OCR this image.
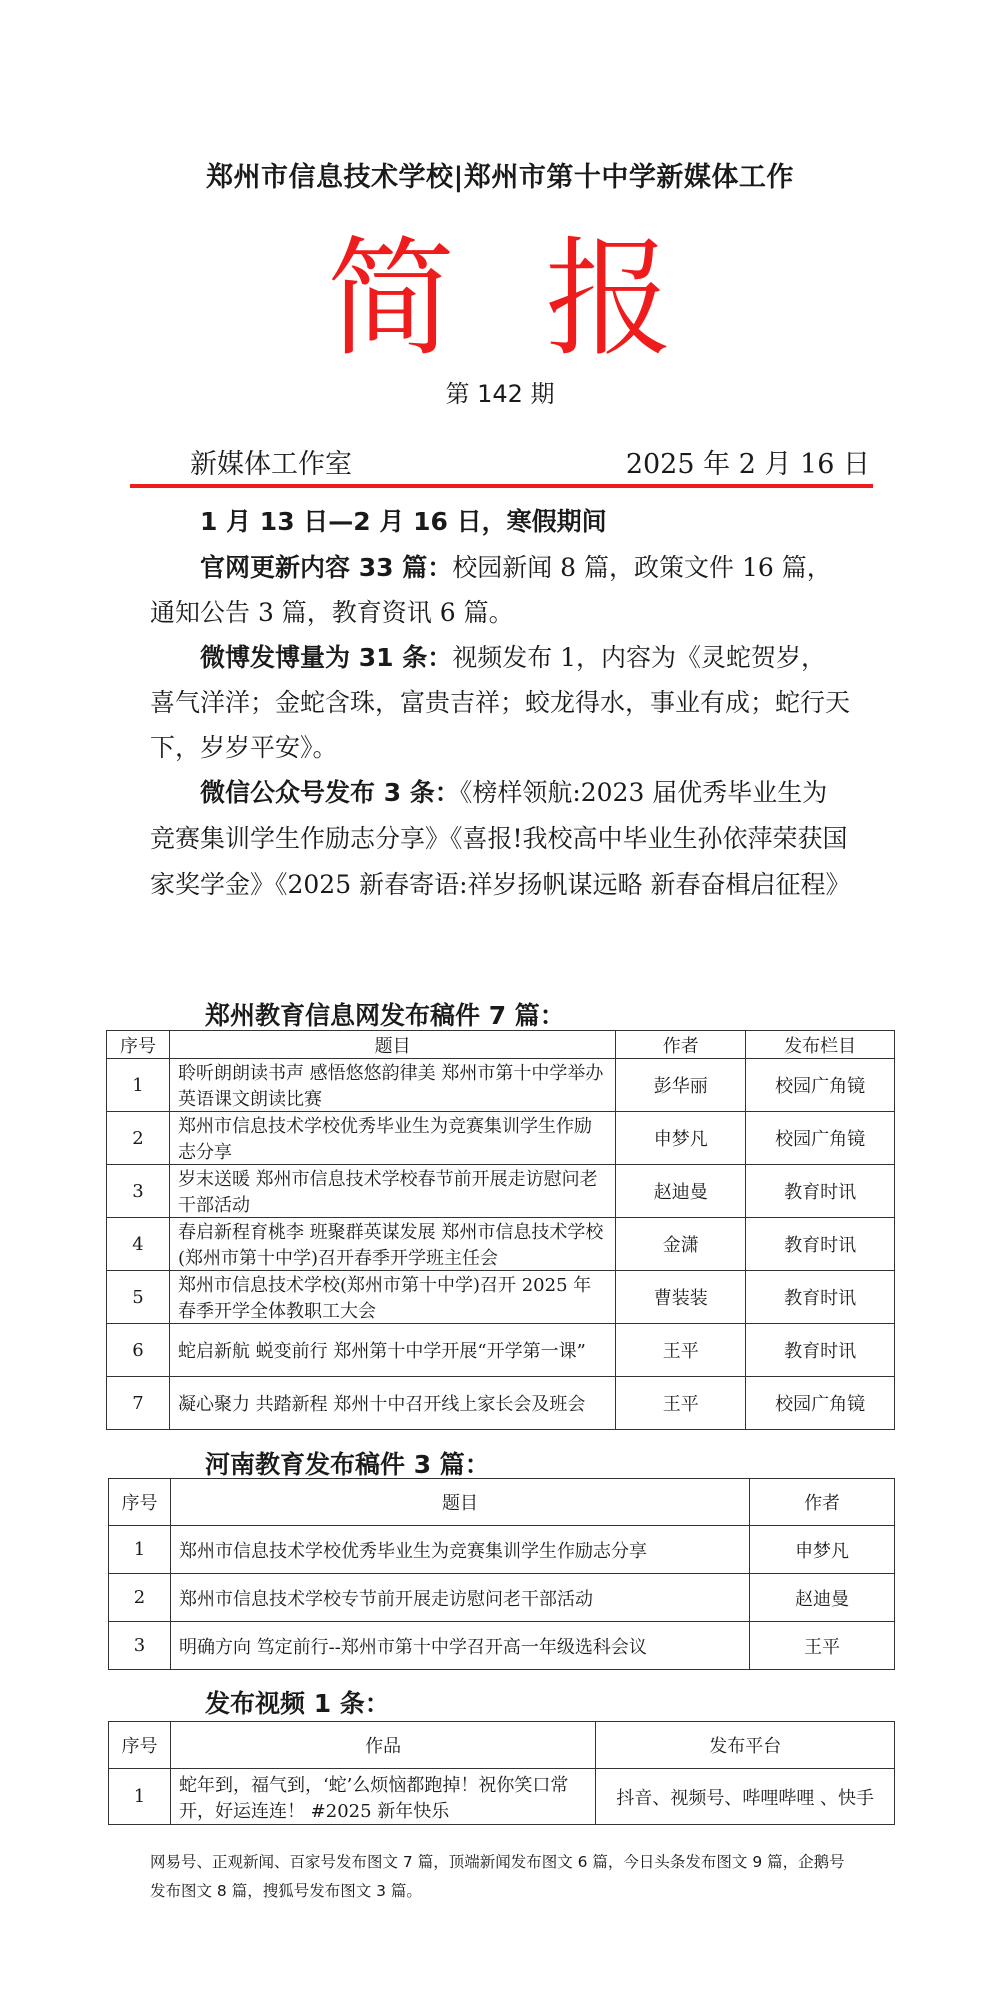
郑州市信息技术学校|郑州市第十中学新媒体工作
简 报
第 142 期
新媒体工作室	2025 年 2 月 16 日

1 月 13 日—2 月 16 日，寒假期间

官网更新内容 33 篇：校园新闻 8 篇，政策文件 16 篇，通知公告 3 篇，教育资讯 6 篇。

微博发博量为 31 条：视频发布 1，内容为《灵蛇贺岁，喜气洋洋；金蛇含珠，富贵吉祥；蛟龙得水，事业有成；蛇行天下，岁岁平安》。

微信公众号发布 3 条：《榜样领航:2023 届优秀毕业生为竞赛集训学生作励志分享》《喜报!我校高中毕业生孙依萍荣获国家奖学金》《2025 新春寄语:祥岁扬帆谋远略 新春奋楫启征程》

郑州教育信息网发布稿件 7 篇：
序号	题目	作者	发布栏目
1	聆听朗朗读书声 感悟悠悠韵律美 郑州市第十中学举办英语课文朗读比赛	彭华丽	校园广角镜
2	郑州市信息技术学校优秀毕业生为竞赛集训学生作励志分享	申梦凡	校园广角镜
3	岁末送暖 郑州市信息技术学校春节前开展走访慰问老干部活动	赵迪曼	教育时讯
4	春启新程育桃李 班聚群英谋发展 郑州市信息技术学校(郑州市第十中学)召开春季开学班主任会	金潇	教育时讯
5	郑州市信息技术学校(郑州市第十中学)召开 2025 年春季开学全体教职工大会	曹装装	教育时讯
6	蛇启新航 蜕变前行 郑州第十中学开展“开学第一课”	王平	教育时讯
7	凝心聚力 共踏新程 郑州十中召开线上家长会及班会	王平	校园广角镜
河南教育发布稿件 3 篇：
序号	题目	作者
1	郑州市信息技术学校优秀毕业生为竞赛集训学生作励志分享	申梦凡
2	郑州市信息技术学校专节前开展走访慰问老干部活动	赵迪曼
3	明确方向 笃定前行--郑州市第十中学召开高一年级选科会议	王平
发布视频 1 条：
序号	作品	发布平台
1	蛇年到，福气到，‘蛇’么烦恼都跑掉！祝你笑口常开，好运连连！ #2025 新年快乐	抖音、视频号、哔哩哔哩 、快手
网易号、正观新闻、百家号发布图文 7 篇，顶端新闻发布图文 6 篇，今日头条发布图文 9 篇，企鹅号发布图文 8 篇，搜狐号发布图文 3 篇。
